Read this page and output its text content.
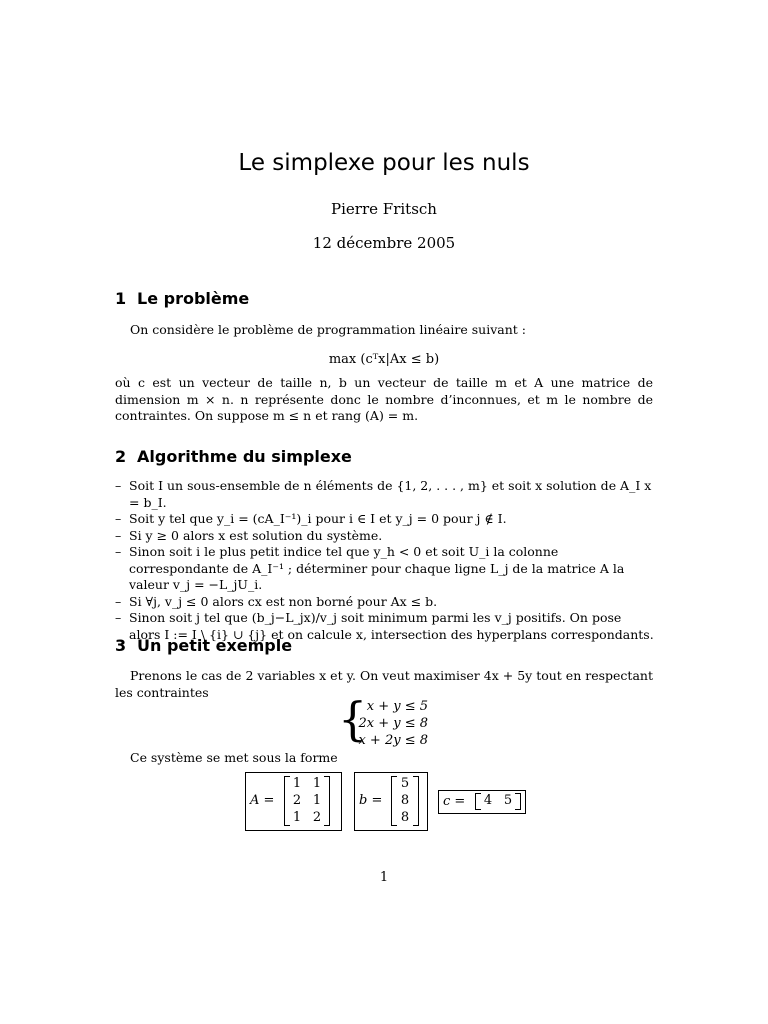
Le simplexe pour les nuls
Pierre Fritsch
12 décembre 2005
1 Le problème
On considère le problème de programmation linéaire suivant :
max (cᵀx|Ax ≤ b)
où c est un vecteur de taille n, b un vecteur de taille m et A une matrice de dimension m × n. n représente donc le nombre d’inconnues, et m le nombre de contraintes. On suppose m ≤ n et rang (A) = m.
2 Algorithme du simplexe
– Soit I un sous-ensemble de n éléments de {1, 2, . . . , m} et soit x solution de A_I x = b_I.
– Soit y tel que y_i = (cA_I⁻¹)_i pour i ∈ I et y_j = 0 pour j ∉ I.
– Si y ≥ 0 alors x est solution du système.
– Sinon soit i le plus petit indice tel que y_h < 0 et soit U_i la colonne correspondante de A_I⁻¹ ; déterminer pour chaque ligne L_j de la matrice A la valeur v_j = −L_jU_i.
– Si ∀j, v_j ≤ 0 alors cx est non borné pour Ax ≤ b.
– Sinon soit j tel que (b_j−L_jx)/v_j soit minimum parmi les v_j positifs. On pose alors I := I \ {i} ∪ {j} et on calcule x, intersection des hyperplans correspondants.
3 Un petit exemple
Prenons le cas de 2 variables x et y. On veut maximiser 4x + 5y tout en respectant les contraintes	{ x + y ≤ 5
2x + y ≤ 8
x + 2y ≤ 8
Ce système se met sous la forme
A =
1 1
2 1
1 2
b =
5
8
8
c =	4 5
1
